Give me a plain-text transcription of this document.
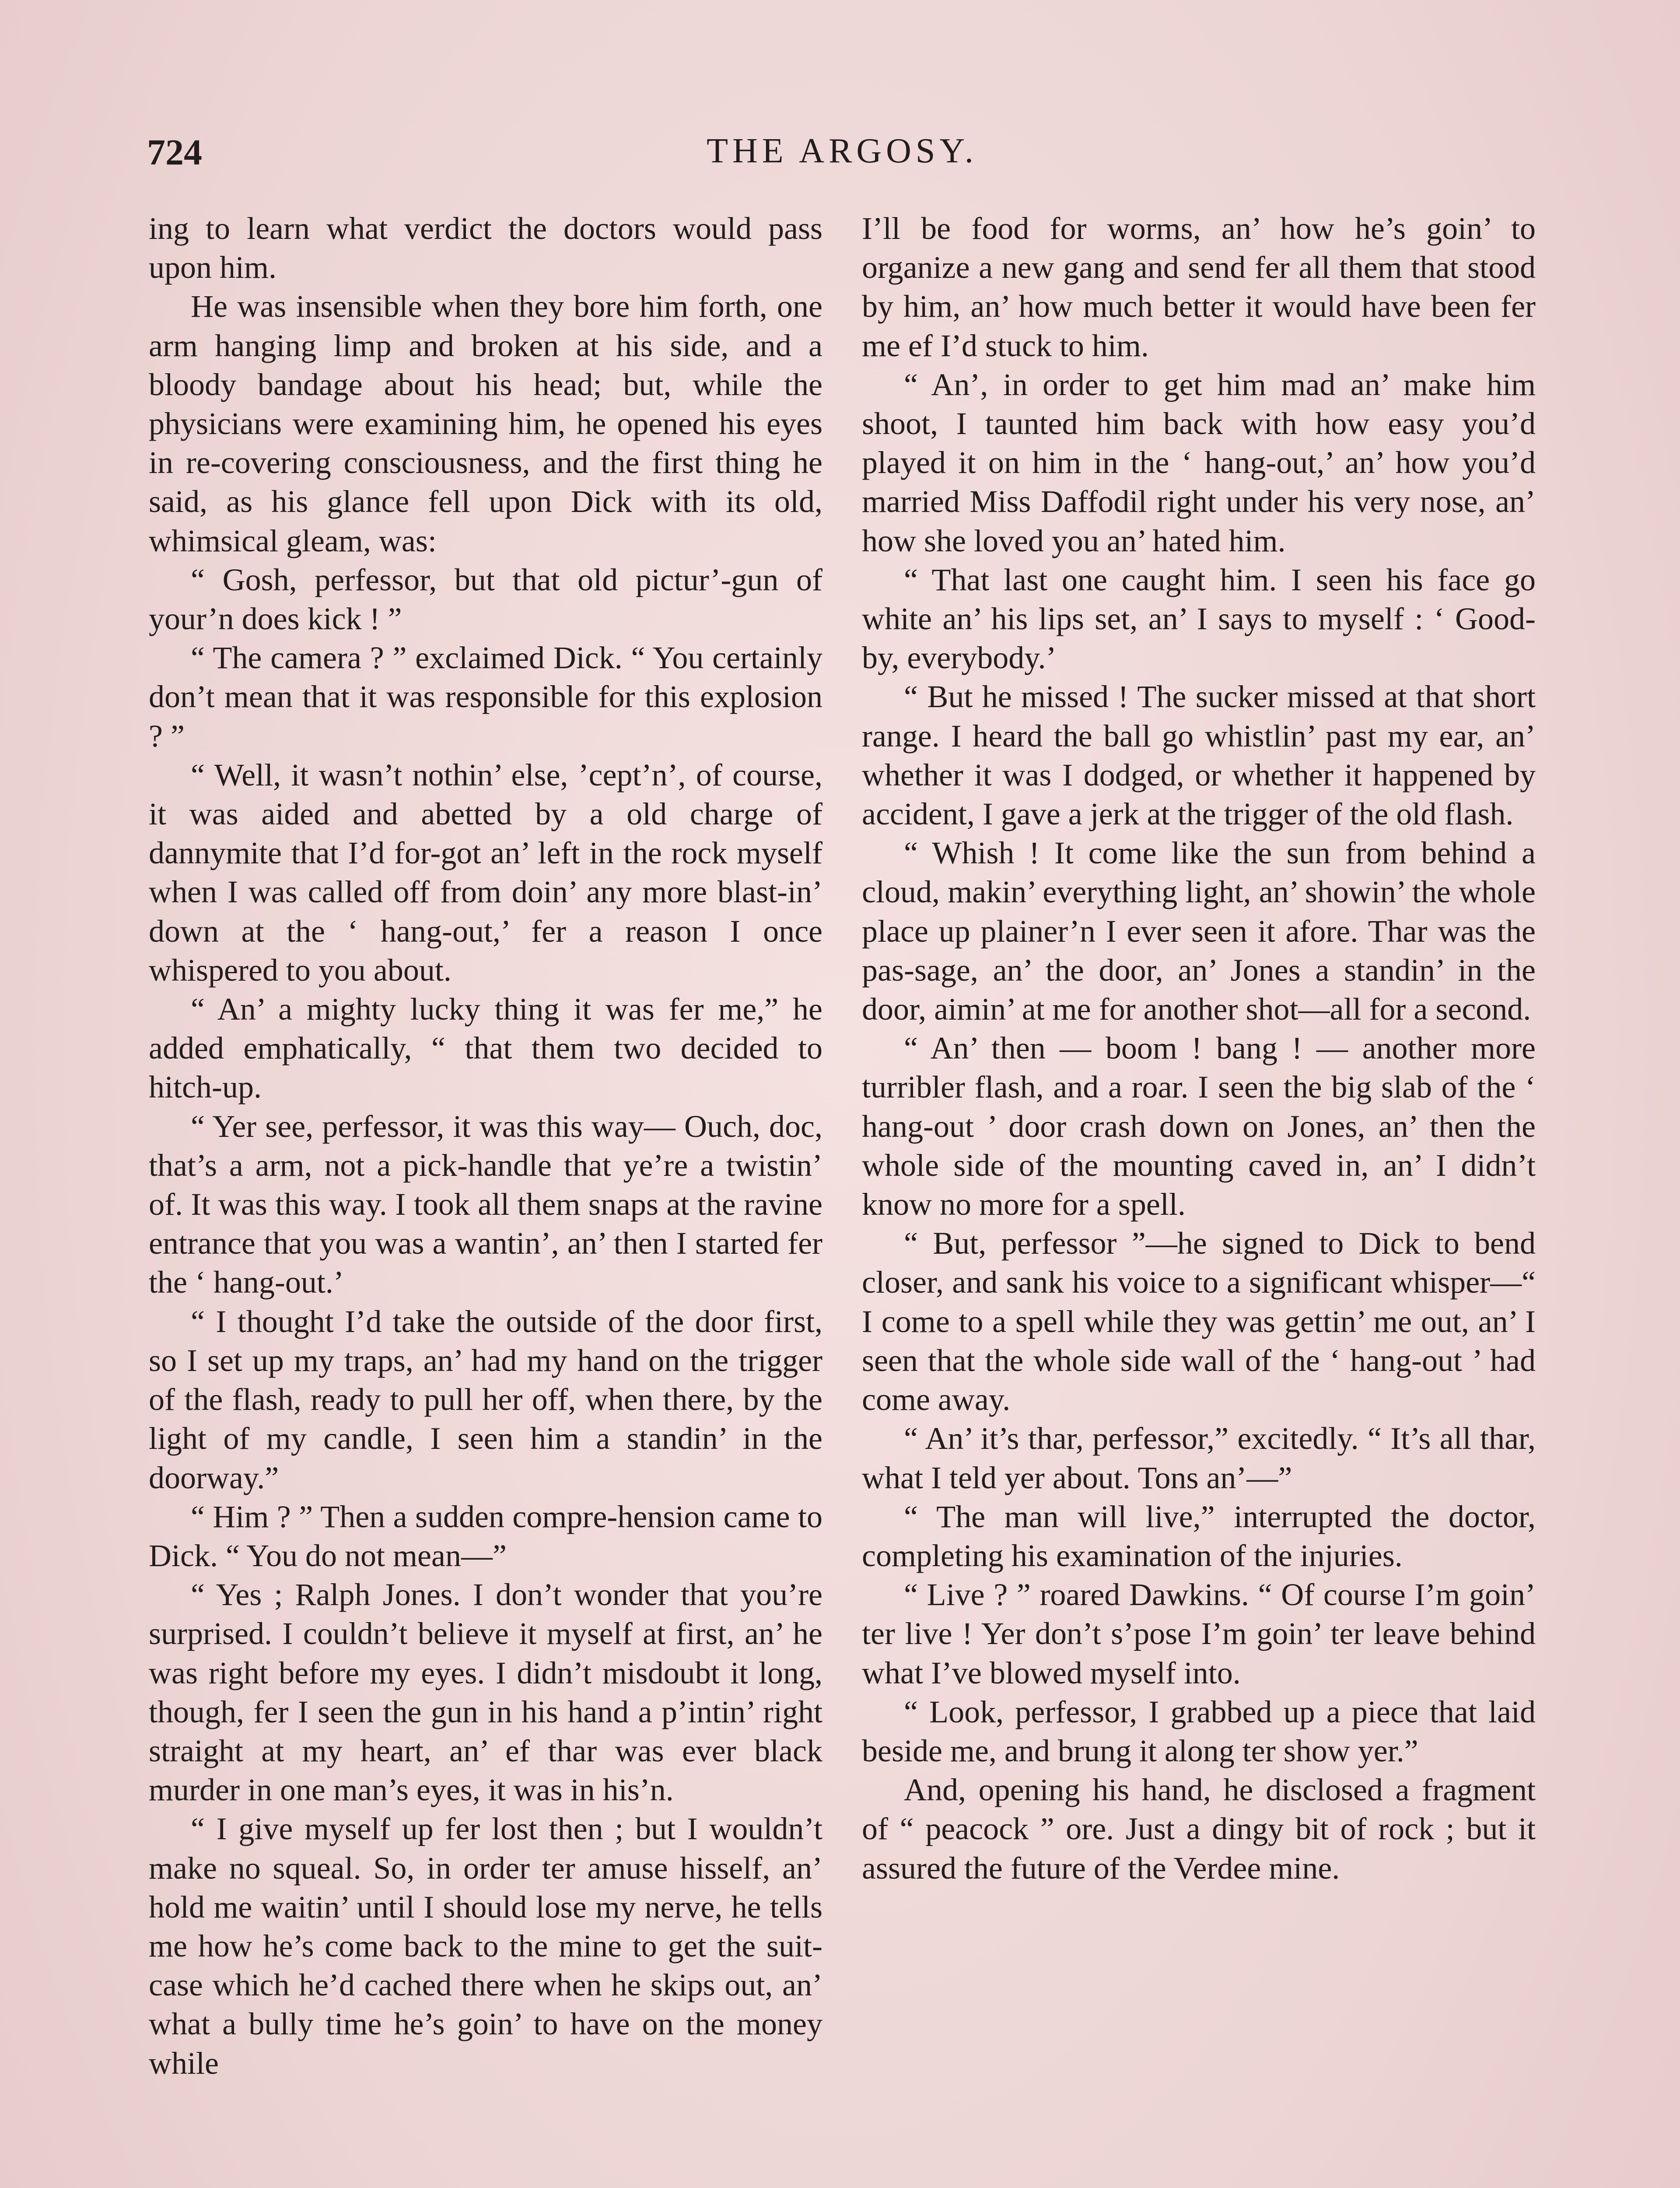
724	THE ARGOSY.

ing to learn what verdict the doctors would pass upon him.

He was insensible when they bore him forth, one arm hanging limp and broken at his side, and a bloody bandage about his head; but, while the physicians were examining him, he opened his eyes in re-covering consciousness, and the first thing he said, as his glance fell upon Dick with its old, whimsical gleam, was:

“ Gosh, perfessor, but that old pictur’-gun of your’n does kick ! ”

“ The camera ? ” exclaimed Dick. “ You certainly don’t mean that it was responsible for this explosion ? ”

“ Well, it wasn’t nothin’ else, ’cept’n’, of course, it was aided and abetted by a old charge of dannymite that I’d for-got an’ left in the rock myself when I was called off from doin’ any more blast-in’ down at the ‘ hang-out,’ fer a reason I once whispered to you about.

“ An’ a mighty lucky thing it was fer me,” he added emphatically, “ that them two decided to hitch-up.

“ Yer see, perfessor, it was this way— Ouch, doc, that’s a arm, not a pick-handle that ye’re a twistin’ of. It was this way. I took all them snaps at the ravine entrance that you was a wantin’, an’ then I started fer the ‘ hang-out.’

“ I thought I’d take the outside of the door first, so I set up my traps, an’ had my hand on the trigger of the flash, ready to pull her off, when there, by the light of my candle, I seen him a standin’ in the doorway.”

“ Him ? ” Then a sudden compre-hension came to Dick. “ You do not mean—”

“ Yes ; Ralph Jones. I don’t wonder that you’re surprised. I couldn’t believe it myself at first, an’ he was right before my eyes. I didn’t misdoubt it long, though, fer I seen the gun in his hand a p’intin’ right straight at my heart, an’ ef thar was ever black murder in one man’s eyes, it was in his’n.

“ I give myself up fer lost then ; but I wouldn’t make no squeal. So, in order ter amuse hisself, an’ hold me waitin’ until I should lose my nerve, he tells me how he’s come back to the mine to get the suit-case which he’d cached there when he skips out, an’ what a bully time he’s goin’ to have on the money while

I’ll be food for worms, an’ how he’s goin’ to organize a new gang and send fer all them that stood by him, an’ how much better it would have been fer me ef I’d stuck to him.

“ An’, in order to get him mad an’ make him shoot, I taunted him back with how easy you’d played it on him in the ‘ hang-out,’ an’ how you’d married Miss Daffodil right under his very nose, an’ how she loved you an’ hated him.

“ That last one caught him. I seen his face go white an’ his lips set, an’ I says to myself : ‘ Good-by, everybody.’

“ But he missed ! The sucker missed at that short range. I heard the ball go whistlin’ past my ear, an’ whether it was I dodged, or whether it happened by accident, I gave a jerk at the trigger of the old flash.

“ Whish ! It come like the sun from behind a cloud, makin’ everything light, an’ showin’ the whole place up plainer’n I ever seen it afore. Thar was the pas-sage, an’ the door, an’ Jones a standin’ in the door, aimin’ at me for another shot—all for a second.

“ An’ then — boom ! bang ! — another more turribler flash, and a roar. I seen the big slab of the ‘ hang-out ’ door crash down on Jones, an’ then the whole side of the mounting caved in, an’ I didn’t know no more for a spell.

“ But, perfessor ”—he signed to Dick to bend closer, and sank his voice to a significant whisper—“ I come to a spell while they was gettin’ me out, an’ I seen that the whole side wall of the ‘ hang-out ’ had come away.

“ An’ it’s thar, perfessor,” excitedly. “ It’s all thar, what I teld yer about. Tons an’—”

“ The man will live,” interrupted the doctor, completing his examination of the injuries.

“ Live ? ” roared Dawkins. “ Of course I’m goin’ ter live ! Yer don’t s’pose I’m goin’ ter leave behind what I’ve blowed myself into.

“ Look, perfessor, I grabbed up a piece that laid beside me, and brung it along ter show yer.”

And, opening his hand, he disclosed a fragment of “ peacock ” ore. Just a dingy bit of rock ; but it assured the future of the Verdee mine.
